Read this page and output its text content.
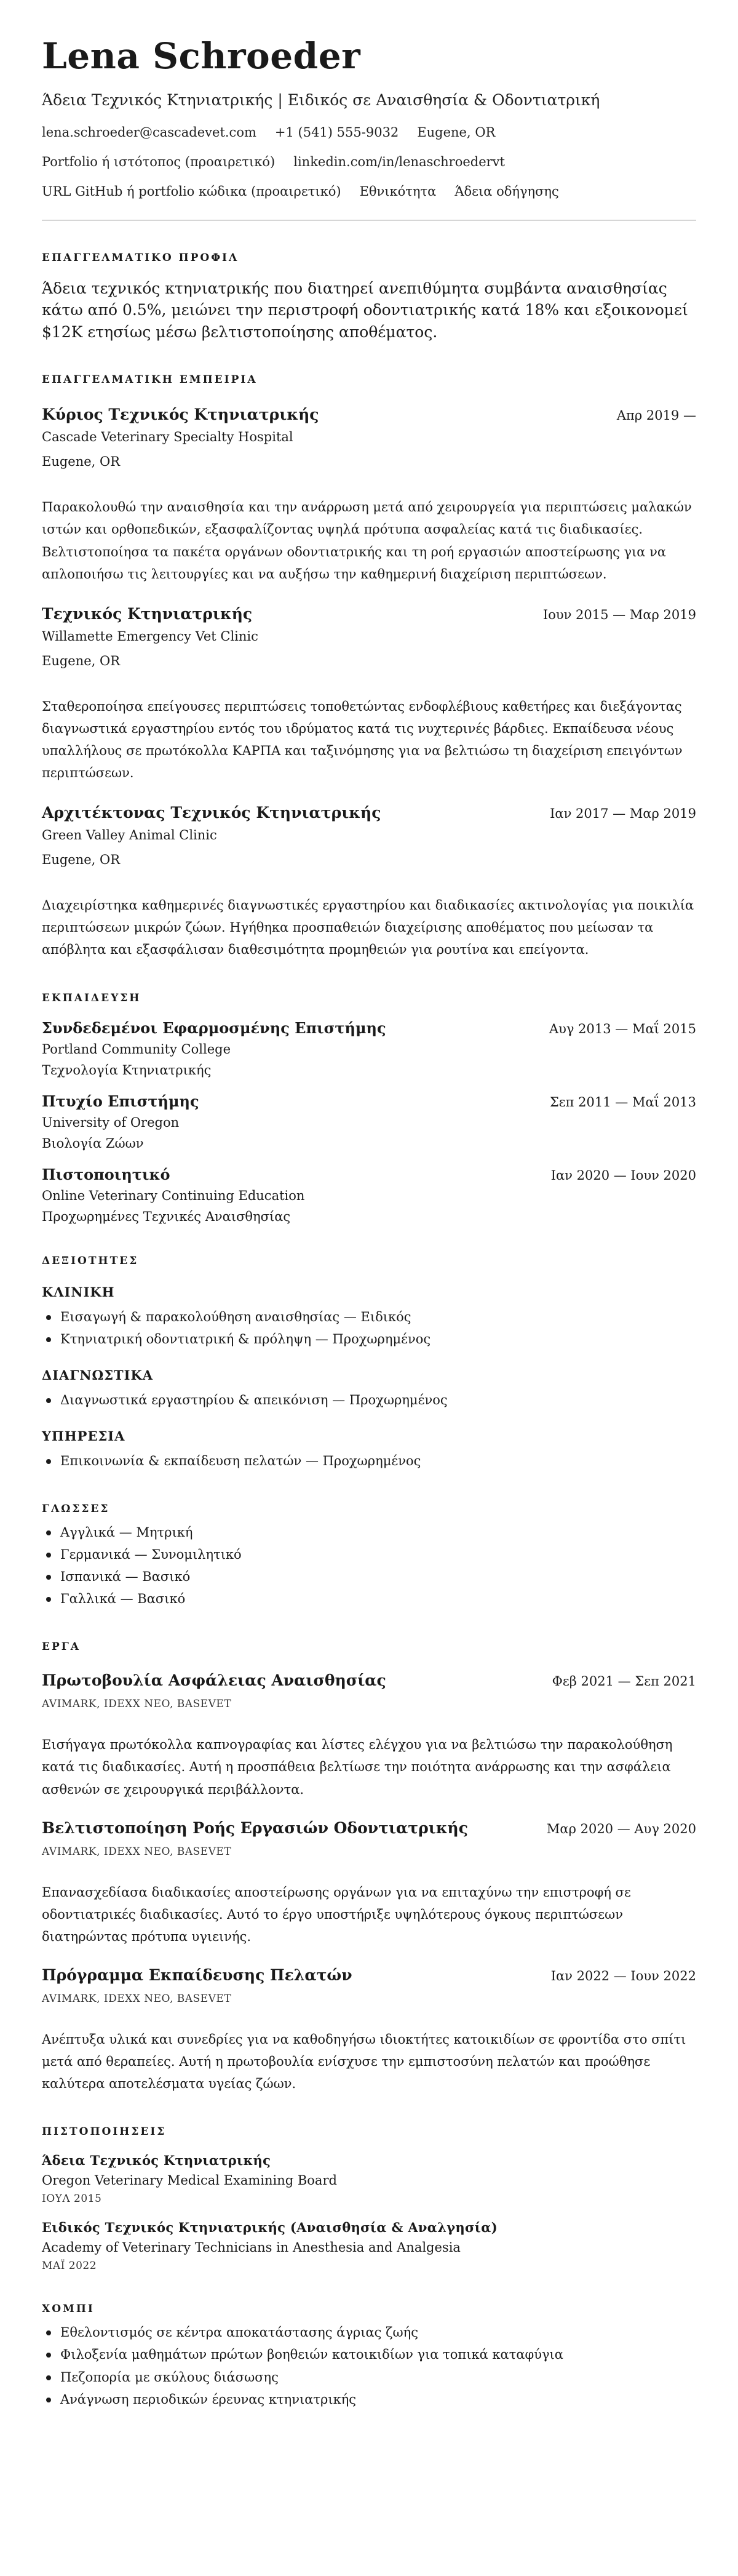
Lena Schroeder
Άδεια Τεχνικός Κτηνιατρικής | Ειδικός σε Αναισθησία & Οδοντιατρική
lena.schroeder@cascadevet.com +1 (541) 555-9032 Eugene, OR
Portfolio ή ιστότοπος (προαιρετικό) linkedin.com/in/lenaschroedervt
URL GitHub ή portfolio κώδικα (προαιρετικό) Εθνικότητα Άδεια οδήγησης
ΕΠΑΓΓΕΛΜΑΤΙΚΟ ΠΡΟΦΙΛ

Άδεια τεχνικός κτηνιατρικής που διατηρεί ανεπιθύμητα συμβάντα αναισθησίας κάτω από 0.5%, μειώνει την περιστροφή οδοντιατρικής κατά 18% και εξοικονομεί $12K ετησίως μέσω βελτιστοποίησης αποθέματος.

ΕΠΑΓΓΕΛΜΑΤΙΚΗ ΕΜΠΕΙΡΙΑ
Κύριος Τεχνικός Κτηνιατρικής	Απρ 2019 —
Cascade Veterinary Specialty Hospital
Eugene, OR

Παρακολουθώ την αναισθησία και την ανάρρωση μετά από χειρουργεία για περιπτώσεις μαλακών ιστών και ορθοπεδικών, εξασφαλίζοντας υψηλά πρότυπα ασφαλείας κατά τις διαδικασίες. Βελτιστοποίησα τα πακέτα οργάνων οδοντιατρικής και τη ροή εργασιών αποστείρωσης για να απλοποιήσω τις λειτουργίες και να αυξήσω την καθημερινή διαχείριση περιπτώσεων.

Τεχνικός Κτηνιατρικής	Ιουν 2015 — Μαρ 2019
Willamette Emergency Vet Clinic
Eugene, OR

Σταθεροποίησα επείγουσες περιπτώσεις τοποθετώντας ενδοφλέβιους καθετήρες και διεξάγοντας διαγνωστικά εργαστηρίου εντός του ιδρύματος κατά τις νυχτερινές βάρδιες. Εκπαίδευσα νέους υπαλλήλους σε πρωτόκολλα ΚΑΡΠΑ και ταξινόμησης για να βελτιώσω τη διαχείριση επειγόντων περιπτώσεων.

Αρχιτέκτονας Τεχνικός Κτηνιατρικής	Ιαν 2017 — Μαρ 2019
Green Valley Animal Clinic
Eugene, OR

Διαχειρίστηκα καθημερινές διαγνωστικές εργαστηρίου και διαδικασίες ακτινολογίας για ποικιλία περιπτώσεων μικρών ζώων. Ηγήθηκα προσπαθειών διαχείρισης αποθέματος που μείωσαν τα απόβλητα και εξασφάλισαν διαθεσιμότητα προμηθειών για ρουτίνα και επείγοντα.

ΕΚΠΑΙΔΕΥΣΗ
Συνδεδεμένοι Εφαρμοσμένης Επιστήμης	Αυγ 2013 — Μαΐ 2015
Portland Community College
Τεχνολογία Κτηνιατρικής
Πτυχίο Επιστήμης	Σεπ 2011 — Μαΐ 2013
University of Oregon
Βιολογία Ζώων
Πιστοποιητικό	Ιαν 2020 — Ιουν 2020
Online Veterinary Continuing Education
Προχωρημένες Τεχνικές Αναισθησίας
ΔΕΞΙΟΤΗΤΕΣ
ΚΛΙΝΙΚΗ
Εισαγωγή & παρακολούθηση αναισθησίας — Ειδικός
Κτηνιατρική οδοντιατρική & πρόληψη — Προχωρημένος
ΔΙΑΓΝΩΣΤΙΚΑ
Διαγνωστικά εργαστηρίου & απεικόνιση — Προχωρημένος
ΥΠΗΡΕΣΙΑ
Επικοινωνία & εκπαίδευση πελατών — Προχωρημένος
ΓΛΩΣΣΕΣ
Αγγλικά — Μητρική
Γερμανικά — Συνομιλητικό
Ισπανικά — Βασικό
Γαλλικά — Βασικό
ΕΡΓΑ
Πρωτοβουλία Ασφάλειας Αναισθησίας	Φεβ 2021 — Σεπ 2021
AVIMARK, IDEXX NEO, BASEVET

Εισήγαγα πρωτόκολλα καπνογραφίας και λίστες ελέγχου για να βελτιώσω την παρακολούθηση κατά τις διαδικασίες. Αυτή η προσπάθεια βελτίωσε την ποιότητα ανάρρωσης και την ασφάλεια ασθενών σε χειρουργικά περιβάλλοντα.

Βελτιστοποίηση Ροής Εργασιών Οδοντιατρικής	Μαρ 2020 — Αυγ 2020
AVIMARK, IDEXX NEO, BASEVET

Επανασχεδίασα διαδικασίες αποστείρωσης οργάνων για να επιταχύνω την επιστροφή σε οδοντιατρικές διαδικασίες. Αυτό το έργο υποστήριξε υψηλότερους όγκους περιπτώσεων διατηρώντας πρότυπα υγιεινής.

Πρόγραμμα Εκπαίδευσης Πελατών	Ιαν 2022 — Ιουν 2022
AVIMARK, IDEXX NEO, BASEVET

Ανέπτυξα υλικά και συνεδρίες για να καθοδηγήσω ιδιοκτήτες κατοικιδίων σε φροντίδα στο σπίτι μετά από θεραπείες. Αυτή η πρωτοβουλία ενίσχυσε την εμπιστοσύνη πελατών και προώθησε καλύτερα αποτελέσματα υγείας ζώων.

ΠΙΣΤΟΠΟΙΗΣΕΙΣ
Άδεια Τεχνικός Κτηνιατρικής
Oregon Veterinary Medical Examining Board
ΙΟΥΛ 2015
Ειδικός Τεχνικός Κτηνιατρικής (Αναισθησία & Αναλγησία)
Academy of Veterinary Technicians in Anesthesia and Analgesia
ΜΑΪ 2022
ΧΟΜΠΙ
Εθελοντισμός σε κέντρα αποκατάστασης άγριας ζωής
Φιλοξενία μαθημάτων πρώτων βοηθειών κατοικιδίων για τοπικά καταφύγια
Πεζοπορία με σκύλους διάσωσης
Ανάγνωση περιοδικών έρευνας κτηνιατρικής
